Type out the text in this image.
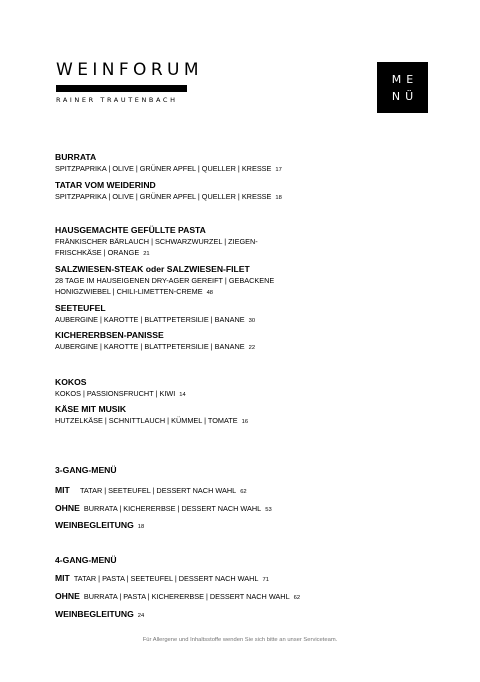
WEINFORUM
RAINER TRAUTENBACH
ME
NÜ
BURRATA
SPITZPAPRIKA | OLIVE | GRÜNER APFEL | QUELLER | KRESSE 17
TATAR VOM WEIDERIND
SPITZPAPRIKA | OLIVE | GRÜNER APFEL | QUELLER | KRESSE 18
HAUSGEMACHTE GEFÜLLTE PASTA
FRÄNKISCHER BÄRLAUCH | SCHWARZWURZEL | ZIEGEN-FRISCHKÄSE | ORANGE 21
SALZWIESEN-STEAK oder SALZWIESEN-FILET
28 TAGE IM HAUSEIGENEN DRY-AGER GEREIFT | GEBACKENE HONIGZWIEBEL | CHILI-LIMETTEN-CREME 48
SEETEUFEL
AUBERGINE | KAROTTE | BLATTPETERSILIE | BANANE 30
KICHERERBSEN-PANISSE
AUBERGINE | KAROTTE | BLATTPETERSILIE | BANANE 22
KOKOS
KOKOS | PASSIONSFRUCHT | KIWI 14
KÄSE MIT MUSIK
HUTZELKÄSE | SCHNITTLAUCH | KÜMMEL | TOMATE 16
3-GANG-MENÜ
MIT TATAR | SEETEUFEL | DESSERT NACH WAHL 62
OHNE BURRATA | KICHERERBSE | DESSERT NACH WAHL 53
WEINBEGLEITUNG 18
4-GANG-MENÜ
MIT TATAR | PASTA | SEETEUFEL | DESSERT NACH WAHL 71
OHNE BURRATA | PASTA | KICHERERBSE | DESSERT NACH WAHL 62
WEINBEGLEITUNG 24
Für Allergene und Inhaltsstoffe wenden Sie sich bitte an unser Serviceteam.
